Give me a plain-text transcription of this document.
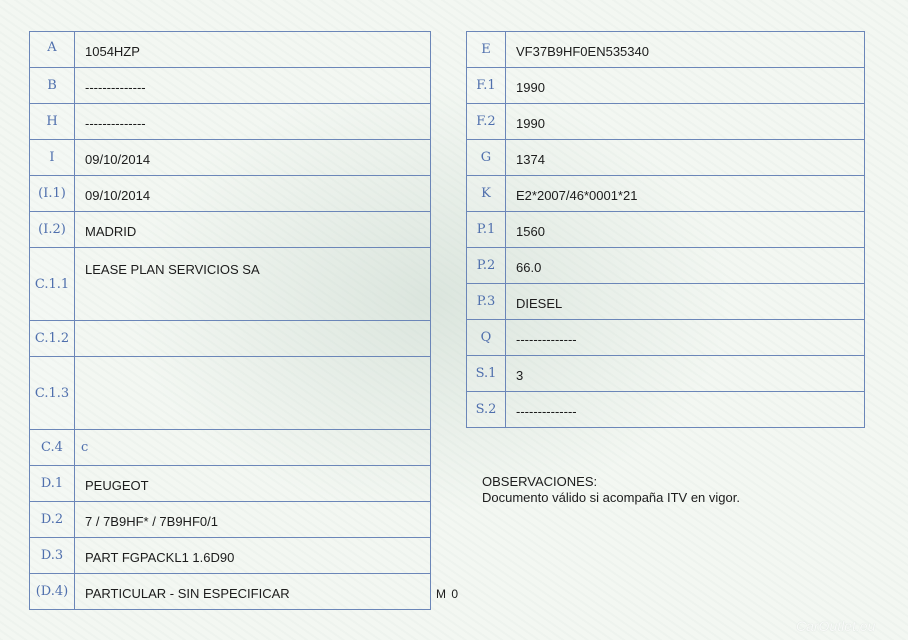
A	1054HZP
B	--------------
H	--------------
I	09/10/2014
(I.1)	09/10/2014
(I.2)	MADRID
C.1.1	LEASE PLAN SERVICIOS SA
C.1.2	
C.1.3	
C.4	c
D.1	PEUGEOT
D.2	7 / 7B9HF* / 7B9HF0/1
D.3	PART FGPACKL1 1.6D90
(D.4)	PARTICULAR - SIN ESPECIFICAR
E	VF37B9HF0EN535340
F.1	1990
F.2	1990
G	1374
K	E2*2007/46*0001*21
P.1	1560
P.2	66.0
P.3	DIESEL
Q	--------------
S.1	3
S.2	--------------
OBSERVACIONES:
Documento válido si acompaña ITV en vigor.
M 0
CarOutlet.eu
